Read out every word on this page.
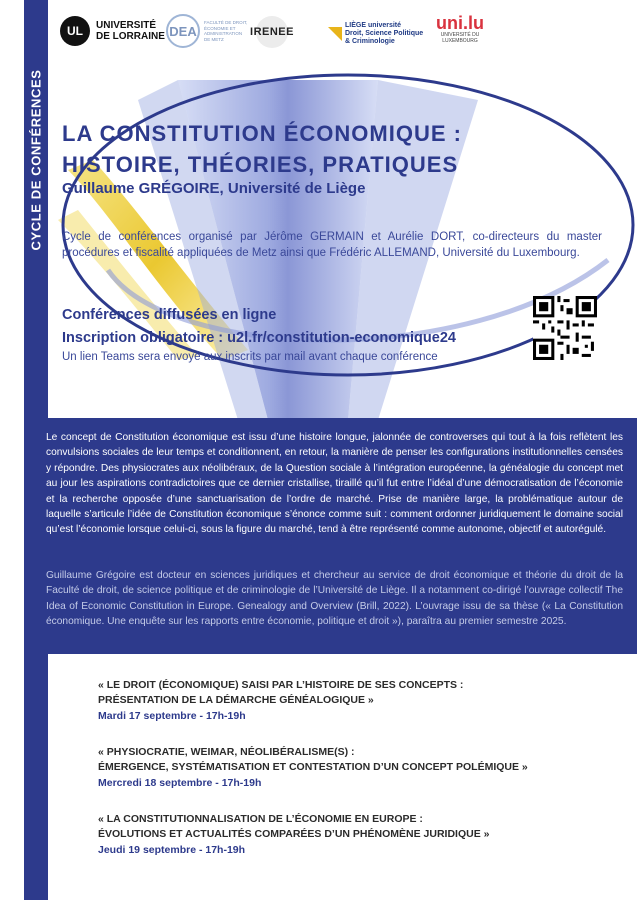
CYCLE DE CONFÉRENCES
UL UNIVERSITÉ
DE LORRAINE DEA
FACULTÉ DE DROIT,
ÉCONOMIE ET
ADMINISTRATION
DE METZ
IRENEE
LIÈGE université
Droit, Science Politique
& Criminologie
uni.lu
UNIVERSITÉ DU
LUXEMBOURG
LA CONSTITUTION ÉCONOMIQUE :
HISTOIRE, THÉORIES, PRATIQUES
Guillaume GRÉGOIRE, Université de Liège
Cycle de conférences organisé par Jérôme GERMAIN et Aurélie DORT, co-directeurs du master procédures et fiscalité appliquées de Metz ainsi que Frédéric ALLEMAND, Université du Luxembourg.
Conférences diffusées en ligne
Inscription obligatoire : u2l.fr/constitution-economique24
Un lien Teams sera envoyé aux inscrits par mail avant chaque conférence
Le concept de Constitution économique est issu d’une histoire longue, jalonnée de controverses qui tout à la fois reflètent les convulsions sociales de leur temps et conditionnent, en retour, la manière de penser les configurations institutionnelles censées y répondre. Des physiocrates aux néolibéraux, de la Question sociale à l’intégration européenne, la généalogie du concept met au jour les aspirations contradictoires que ce dernier cristallise, tiraillé qu’il fut entre l’idéal d’une démocratisation de l’économie et la recherche opposée d’une sanctuarisation de l’ordre de marché. Prise de manière large, la problématique autour de laquelle s’articule l’idée de Constitution économique s’énonce comme suit : comment ordonner juridiquement le domaine social qu’est l’économie lorsque celui-ci, sous la figure du marché, tend à être représenté comme autonome, objectif et autorégulé.
Guillaume Grégoire est docteur en sciences juridiques et chercheur au service de droit économique et théorie du droit de la Faculté de droit, de science politique et de criminologie de l’Université de Liège. Il a notamment co-dirigé l’ouvrage collectif The Idea of Economic Constitution in Europe. Genealogy and Overview (Brill, 2022). L’ouvrage issu de sa thèse (« La Constitution économique. Une enquête sur les rapports entre économie, politique et droit »), paraîtra au premier semestre 2025.
« LE DROIT (ÉCONOMIQUE) SAISI PAR L’HISTOIRE DE SES CONCEPTS :
PRÉSENTATION DE LA DÉMARCHE GÉNÉALOGIQUE »
Mardi 17 septembre - 17h-19h
« PHYSIOCRATIE, WEIMAR, NÉOLIBÉRALISME(S) :
ÉMERGENCE, SYSTÉMATISATION ET CONTESTATION D’UN CONCEPT POLÉMIQUE »
Mercredi 18 septembre - 17h-19h
« LA CONSTITUTIONNALISATION DE L’ÉCONOMIE EN EUROPE :
ÉVOLUTIONS ET ACTUALITÉS COMPARÉES D’UN PHÉNOMÈNE JURIDIQUE »
Jeudi 19 septembre - 17h-19h
